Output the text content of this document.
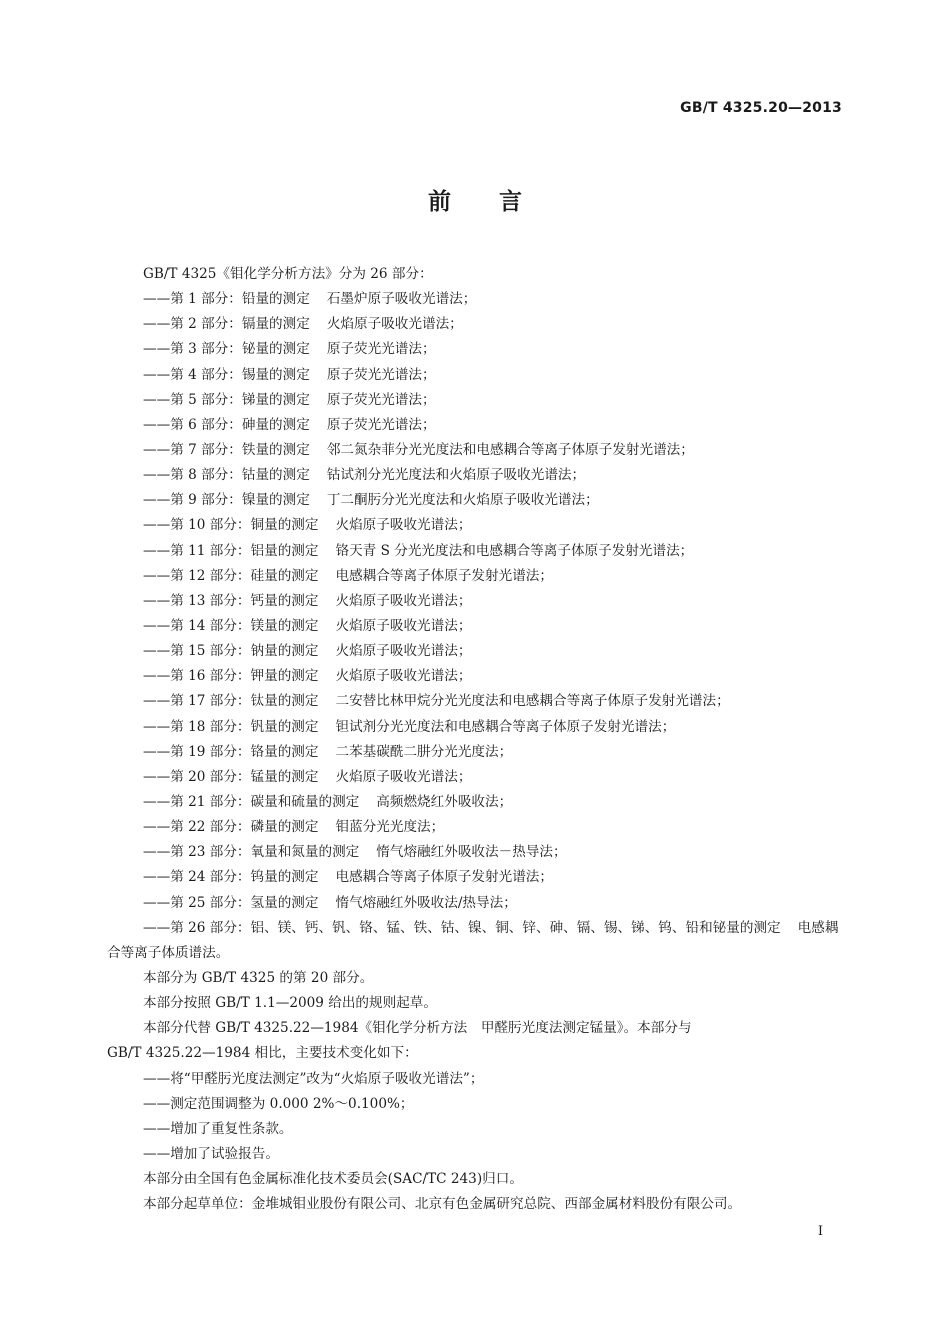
GB/T 4325.20—2013
前言
GB/T 4325《钼化学分析方法》分为 26 部分：
——第 1 部分：铅量的测定 石墨炉原子吸收光谱法；
——第 2 部分：镉量的测定 火焰原子吸收光谱法；
——第 3 部分：铋量的测定 原子荧光光谱法；
——第 4 部分：锡量的测定 原子荧光光谱法；
——第 5 部分：锑量的测定 原子荧光光谱法；
——第 6 部分：砷量的测定 原子荧光光谱法；
——第 7 部分：铁量的测定 邻二氮杂菲分光光度法和电感耦合等离子体原子发射光谱法；
——第 8 部分：钴量的测定 钴试剂分光光度法和火焰原子吸收光谱法；
——第 9 部分：镍量的测定 丁二酮肟分光光度法和火焰原子吸收光谱法；
——第 10 部分：铜量的测定 火焰原子吸收光谱法；
——第 11 部分：铝量的测定 铬天青 S 分光光度法和电感耦合等离子体原子发射光谱法；
——第 12 部分：硅量的测定 电感耦合等离子体原子发射光谱法；
——第 13 部分：钙量的测定 火焰原子吸收光谱法；
——第 14 部分：镁量的测定 火焰原子吸收光谱法；
——第 15 部分：钠量的测定 火焰原子吸收光谱法；
——第 16 部分：钾量的测定 火焰原子吸收光谱法；
——第 17 部分：钛量的测定 二安替比林甲烷分光光度法和电感耦合等离子体原子发射光谱法；
——第 18 部分：钒量的测定 钽试剂分光光度法和电感耦合等离子体原子发射光谱法；
——第 19 部分：铬量的测定 二苯基碳酰二肼分光光度法；
——第 20 部分：锰量的测定 火焰原子吸收光谱法；
——第 21 部分：碳量和硫量的测定 高频燃烧红外吸收法；
——第 22 部分：磷量的测定 钼蓝分光光度法；
——第 23 部分：氧量和氮量的测定 惰气熔融红外吸收法－热导法；
——第 24 部分：钨量的测定 电感耦合等离子体原子发射光谱法；
——第 25 部分：氢量的测定 惰气熔融红外吸收法/热导法；
——第 26 部分：铝、镁、钙、钒、铬、锰、铁、钴、镍、铜、锌、砷、镉、锡、锑、钨、铅和铋量的测定 电感耦
合等离子体质谱法。
本部分为 GB/T 4325 的第 20 部分。
本部分按照 GB/T 1.1—2009 给出的规则起草。
本部分代替 GB/T 4325.22—1984《钼化学分析方法　甲醛肟光度法测定锰量》。本部分与
GB/T 4325.22—1984 相比，主要技术变化如下：
——将“甲醛肟光度法测定”改为“火焰原子吸收光谱法”；
——测定范围调整为 0.000 2%～0.100%；
——增加了重复性条款。
——增加了试验报告。
本部分由全国有色金属标准化技术委员会(SAC/TC 243)归口。
本部分起草单位：金堆城钼业股份有限公司、北京有色金属研究总院、西部金属材料股份有限公司。
I
